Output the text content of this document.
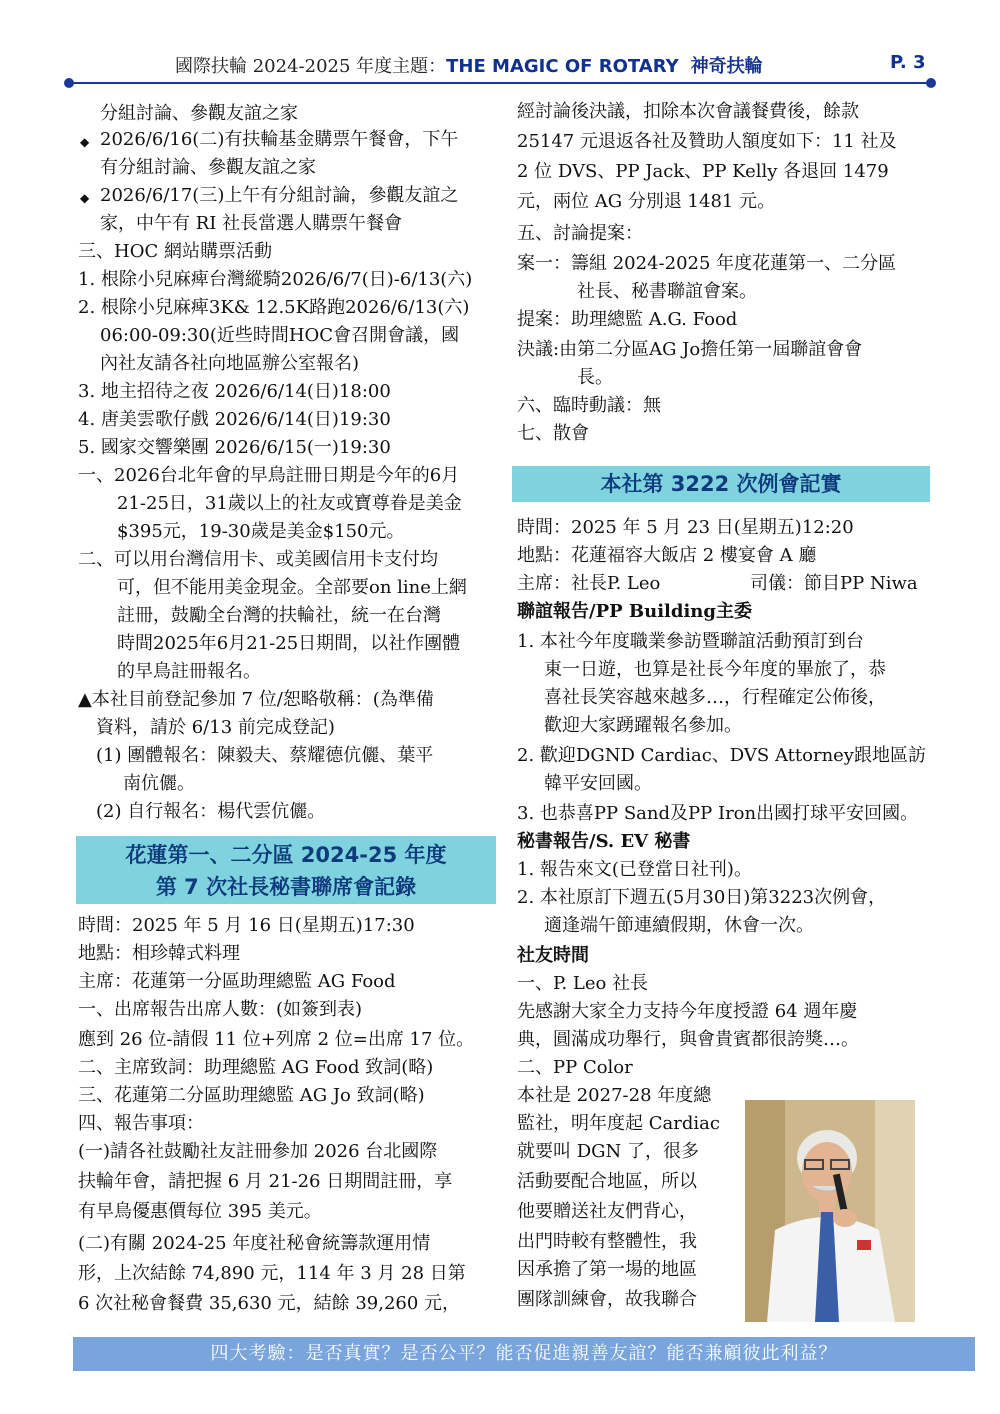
國際扶輪 2024-2025 年度主題：THE MAGIC OF ROTARY 神奇扶輪	P. 3
分組討論、參觀友誼之家
◆ 2026/6/16(二)有扶輪基金購票午餐會，下午
有分組討論、參觀友誼之家
◆ 2026/6/17(三)上午有分組討論，參觀友誼之
家，中午有 RI 社長當選人購票午餐會
三、HOC 網站購票活動
1. 根除小兒麻痺台灣縱騎2026/6/7(日)-6/13(六)
2. 根除小兒麻痺3K& 12.5K路跑2026/6/13(六)
06:00-09:30(近些時間HOC會召開會議，國
內社友請各社向地區辦公室報名)
3. 地主招待之夜 2026/6/14(日)18:00
4. 唐美雲歌仔戲 2026/6/14(日)19:30
5. 國家交響樂團 2026/6/15(一)19:30
一、2026台北年會的早鳥註冊日期是今年的6月
21-25日，31歲以上的社友或寶尊眷是美金
$395元，19-30歲是美金$150元。
二、可以用台灣信用卡、或美國信用卡支付均
可，但不能用美金現金。全部要on line上網
註冊，鼓勵全台灣的扶輪社，統一在台灣
時間2025年6月21-25日期間，以社作團體
的早鳥註冊報名。
▲本社目前登記參加 7 位/恕略敬稱：(為準備
資料，請於 6/13 前完成登記)
(1) 團體報名：陳毅夫、蔡耀德伉儷、葉平
南伉儷。
(2) 自行報名：楊代雲伉儷。
花蓮第一、二分區 2024-25 年度
第 7 次社長秘書聯席會記錄
時間：2025 年 5 月 16 日(星期五)17:30
地點：相珍韓式料理
主席：花蓮第一分區助理總監 AG Food
一、出席報告出席人數：(如簽到表)
應到 26 位-請假 11 位+列席 2 位=出席 17 位。
二、主席致詞：助理總監 AG Food 致詞(略)
三、花蓮第二分區助理總監 AG Jo 致詞(略)
四、報告事項：
(一)請各社鼓勵社友註冊參加 2026 台北國際
扶輪年會，請把握 6 月 21-26 日期間註冊，享
有早鳥優惠價每位 395 美元。
(二)有關 2024-25 年度社秘會統籌款運用情
形，上次結餘 74,890 元，114 年 3 月 28 日第
6 次社秘會餐費 35,630 元，結餘 39,260 元，
經討論後決議，扣除本次會議餐費後，餘款
25147 元退返各社及贊助人額度如下：11 社及
2 位 DVS、PP Jack、PP Kelly 各退回 1479
元，兩位 AG 分別退 1481 元。
五、討論提案：
案一：籌組 2024-2025 年度花蓮第一、二分區
社長、秘書聯誼會案。
提案：助理總監 A.G. Food
決議:由第二分區AG Jo擔任第一屆聯誼會會
長。
六、臨時動議：無
七、散會
本社第 3222 次例會記實
時間：2025 年 5 月 23 日(星期五)12:20
地點：花蓮福容大飯店 2 樓宴會 A 廳
主席：社長P. Leo	司儀：節目PP Niwa
聯誼報告/PP Building主委
1. 本社今年度職業參訪暨聯誼活動預訂到台
東一日遊，也算是社長今年度的畢旅了，恭
喜社長笑容越來越多…，行程確定公佈後，
歡迎大家踴躍報名參加。
2. 歡迎DGND Cardiac、DVS Attorney跟地區訪
韓平安回國。
3. 也恭喜PP Sand及PP Iron出國打球平安回國。
秘書報告/S. EV 秘書
1. 報告來文(已登當日社刊)。
2. 本社原訂下週五(5月30日)第3223次例會，
適逢端午節連續假期，休會一次。
社友時間
一、P. Leo 社長
先感謝大家全力支持今年度授證 64 週年慶
典，圓滿成功舉行，與會貴賓都很誇獎…。
二、PP Color
本社是 2027-28 年度總
監社，明年度起 Cardiac
就要叫 DGN 了，很多
活動要配合地區，所以
他要贈送社友們背心，
出門時較有整體性，我
因承擔了第一場的地區
團隊訓練會，故我聯合
四大考驗：是否真實？是否公平？能否促進親善友誼？能否兼顧彼此利益？
